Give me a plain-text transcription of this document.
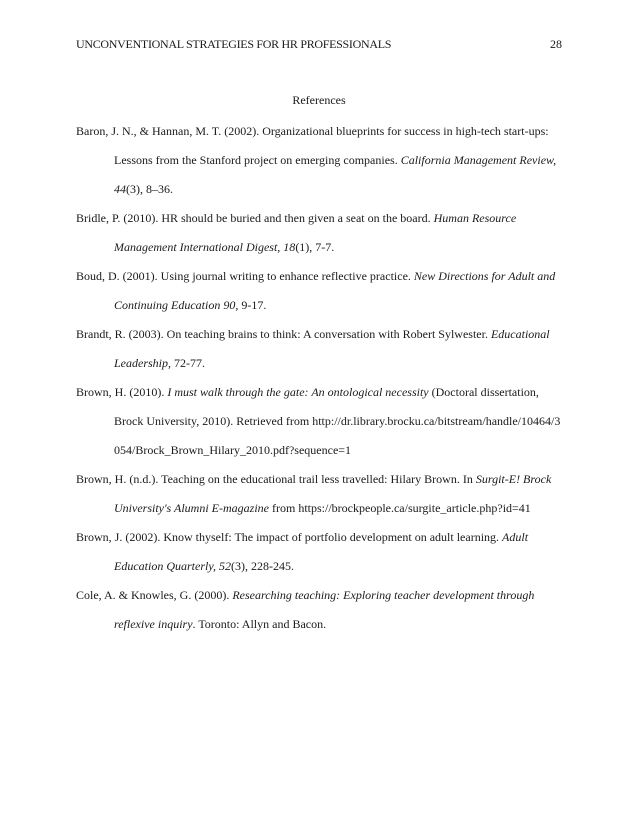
UNCONVENTIONAL STRATEGIES FOR HR PROFESSIONALS	28
References

Baron, J. N., & Hannan, M. T. (2002). Organizational blueprints for success in high-tech start-ups: Lessons from the Stanford project on emerging companies. California Management Review, 44(3), 8–36.

Bridle, P. (2010). HR should be buried and then given a seat on the board. Human Resource Management International Digest, 18(1), 7-7.

Boud, D. (2001). Using journal writing to enhance reflective practice. New Directions for Adult and Continuing Education 90, 9-17.

Brandt, R. (2003). On teaching brains to think: A conversation with Robert Sylwester. Educational Leadership, 72-77.

Brown, H. (2010). I must walk through the gate: An ontological necessity (Doctoral dissertation, Brock University, 2010). Retrieved from http://dr.library.brocku.ca/bitstream/handle/10464/3054/Brock_Brown_Hilary_2010.pdf?sequence=1

Brown, H. (n.d.). Teaching on the educational trail less travelled: Hilary Brown. In Surgit-E! Brock University's Alumni E-magazine from https://brockpeople.ca/surgite_article.php?id=41

Brown, J. (2002). Know thyself: The impact of portfolio development on adult learning. Adult Education Quarterly, 52(3), 228-245.

Cole, A. & Knowles, G. (2000). Researching teaching: Exploring teacher development through reflexive inquiry. Toronto: Allyn and Bacon.
